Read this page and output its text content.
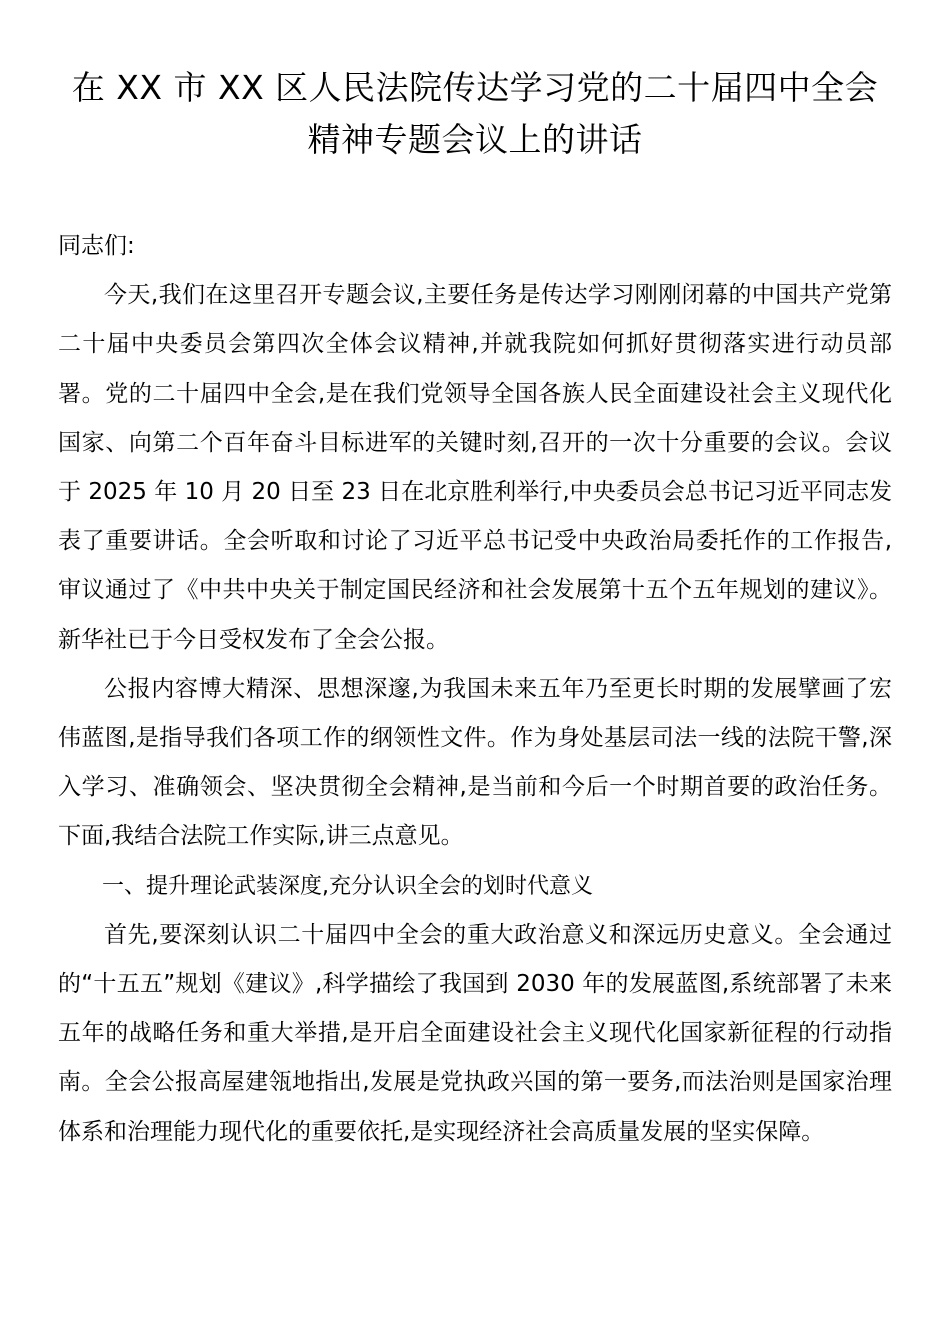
在 XX 市 XX 区人民法院传达学习党的二十届四中全会
精神专题会议上的讲话

同志们:

今天,我们在这里召开专题会议,主要任务是传达学习刚刚闭幕的中国共产党第二十届中央委员会第四次全体会议精神,并就我院如何抓好贯彻落实进行动员部署。党的二十届四中全会,是在我们党领导全国各族人民全面建设社会主义现代化国家、向第二个百年奋斗目标进军的关键时刻,召开的一次十分重要的会议。会议于 2025 年 10 月 20 日至 23 日在北京胜利举行,中央委员会总书记习近平同志发表了重要讲话。全会听取和讨论了习近平总书记受中央政治局委托作的工作报告,审议通过了《中共中央关于制定国民经济和社会发展第十五个五年规划的建议》。新华社已于今日受权发布了全会公报。

公报内容博大精深、思想深邃,为我国未来五年乃至更长时期的发展擘画了宏伟蓝图,是指导我们各项工作的纲领性文件。作为身处基层司法一线的法院干警,深入学习、准确领会、坚决贯彻全会精神,是当前和今后一个时期首要的政治任务。下面,我结合法院工作实际,讲三点意见。

一、提升理论武装深度,充分认识全会的划时代意义

首先,要深刻认识二十届四中全会的重大政治意义和深远历史意义。全会通过的“十五五”规划《建议》,科学描绘了我国到 2030 年的发展蓝图,系统部署了未来五年的战略任务和重大举措,是开启全面建设社会主义现代化国家新征程的行动指南。全会公报高屋建瓴地指出,发展是党执政兴国的第一要务,而法治则是国家治理体系和治理能力现代化的重要依托,是实现经济社会高质量发展的坚实保障。
